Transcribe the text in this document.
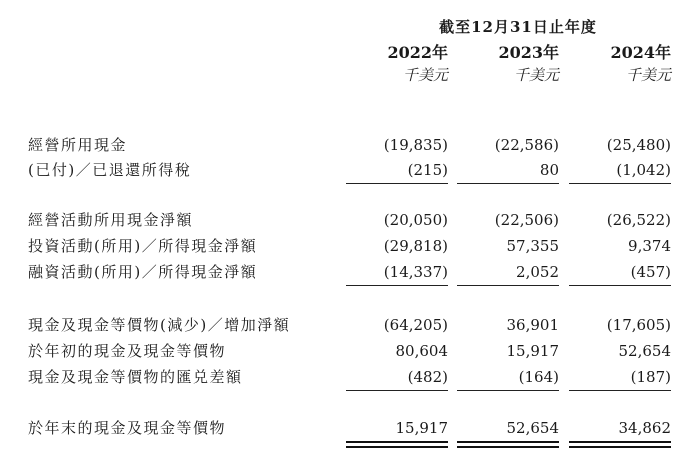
截至12月31日止年度
2022年	2023年	2024年
千美元	千美元	千美元
經營所用現金	(19,835)	(22,586)	(25,480)
(已付)／已退還所得稅	(215)	80	(1,042)
經營活動所用現金淨額	(20,050)	(22,506)	(26,522)
投資活動(所用)／所得現金淨額	(29,818)	57,355	9,374
融資活動(所用)／所得現金淨額	(14,337)	2,052	(457)
現金及現金等價物(減少)／增加淨額	(64,205)	36,901	(17,605)
於年初的現金及現金等價物	80,604	15,917	52,654
現金及現金等價物的匯兑差額	(482)	(164)	(187)
於年末的現金及現金等價物	15,917	52,654	34,862
